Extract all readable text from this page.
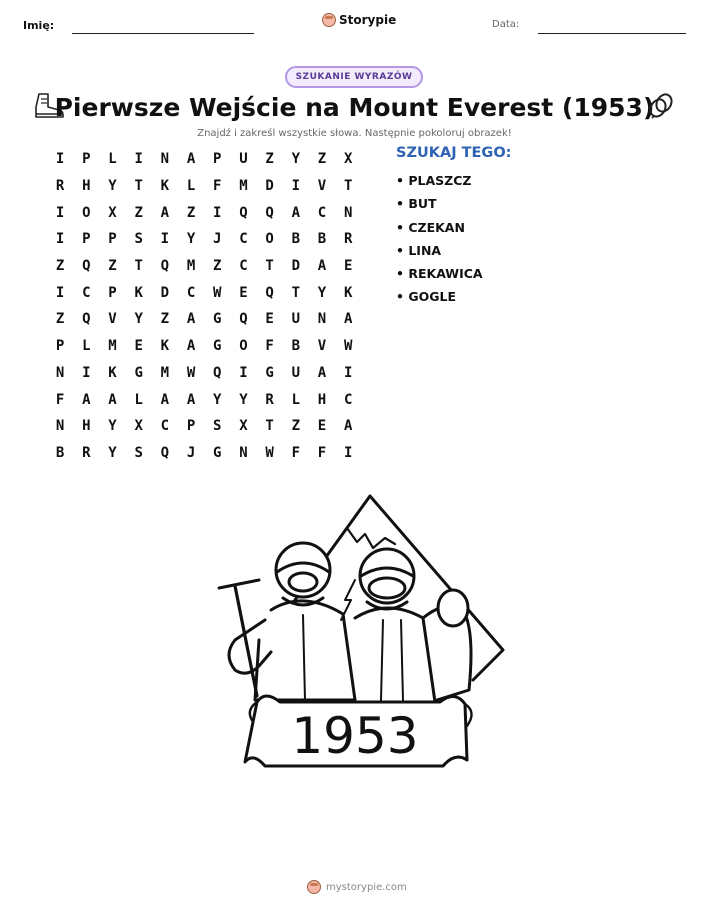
Imię:	Storypie	Data:
SZUKANIE WYRAZÓW
Pierwsze Wejście na Mount Everest (1953)
Znajdź i zakreśl wszystkie słowa. Następnie pokoloruj obrazek!
I	P	L	I	N	A	P	U	Z	Y	Z	X
R	H	Y	T	K	L	F	M	D	I	V	T
I	O	X	Z	A	Z	I	Q	Q	A	C	N
I	P	P	S	I	Y	J	C	O	B	B	R
Z	Q	Z	T	Q	M	Z	C	T	D	A	E
I	C	P	K	D	C	W	E	Q	T	Y	K
Z	Q	V	Y	Z	A	G	Q	E	U	N	A
P	L	M	E	K	A	G	O	F	B	V	W
N	I	K	G	M	W	Q	I	G	U	A	I
F	A	A	L	A	A	Y	Y	R	L	H	C
N	H	Y	X	C	P	S	X	T	Z	E	A
B	R	Y	S	Q	J	G	N	W	F	F	I
SZUKAJ TEGO:
• PLASZCZ
• BUT
• CZEKAN
• LINA
• REKAWICA
• GOGLE
1953
mystorypie.com
